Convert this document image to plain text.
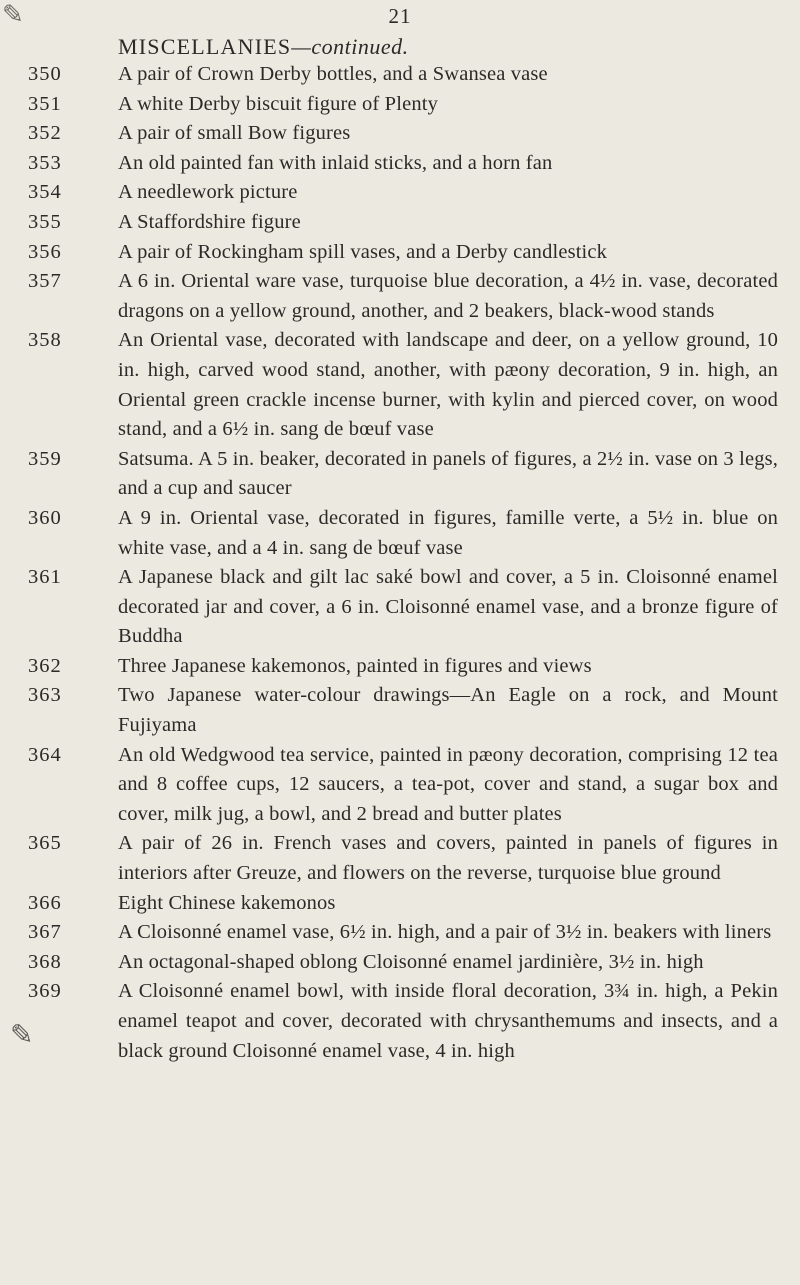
✎
✎
21
MISCELLANIES—continued.
350	A pair of Crown Derby bottles, and a Swansea vase
351	A white Derby biscuit figure of Plenty
352	A pair of small Bow figures
353	An old painted fan with inlaid sticks, and a horn fan
354	A needlework picture
355	A Staffordshire figure
356	A pair of Rockingham spill vases, and a Derby candlestick
357	A 6 in. Oriental ware vase, turquoise blue decoration, a 4½ in. vase, decorated dragons on a yellow ground, another, and 2 beakers, black-wood stands
358	An Oriental vase, decorated with landscape and deer, on a yellow ground, 10 in. high, carved wood stand, another, with pæony decoration, 9 in. high, an Oriental green crackle incense burner, with kylin and pierced cover, on wood stand, and a 6½ in. sang de bœuf vase
359	Satsuma. A 5 in. beaker, decorated in panels of figures, a 2½ in. vase on 3 legs, and a cup and saucer
360	A 9 in. Oriental vase, decorated in figures, famille verte, a 5½ in. blue on white vase, and a 4 in. sang de bœuf vase
361	A Japanese black and gilt lac saké bowl and cover, a 5 in. Cloisonné enamel decorated jar and cover, a 6 in. Cloisonné enamel vase, and a bronze figure of Buddha
362	Three Japanese kakemonos, painted in figures and views
363	Two Japanese water-colour drawings—An Eagle on a rock, and Mount Fujiyama
364	An old Wedgwood tea service, painted in pæony decoration, comprising 12 tea and 8 coffee cups, 12 saucers, a tea-pot, cover and stand, a sugar box and cover, milk jug, a bowl, and 2 bread and butter plates
365	A pair of 26 in. French vases and covers, painted in panels of figures in interiors after Greuze, and flowers on the reverse, turquoise blue ground
366	Eight Chinese kakemonos
367	A Cloisonné enamel vase, 6½ in. high, and a pair of 3½ in. beakers with liners
368	An octagonal-shaped oblong Cloisonné enamel jardinière, 3½ in. high
369	A Cloisonné enamel bowl, with inside floral decoration, 3¾ in. high, a Pekin enamel teapot and cover, decorated with chrysanthemums and insects, and a black ground Cloisonné enamel vase, 4 in. high
